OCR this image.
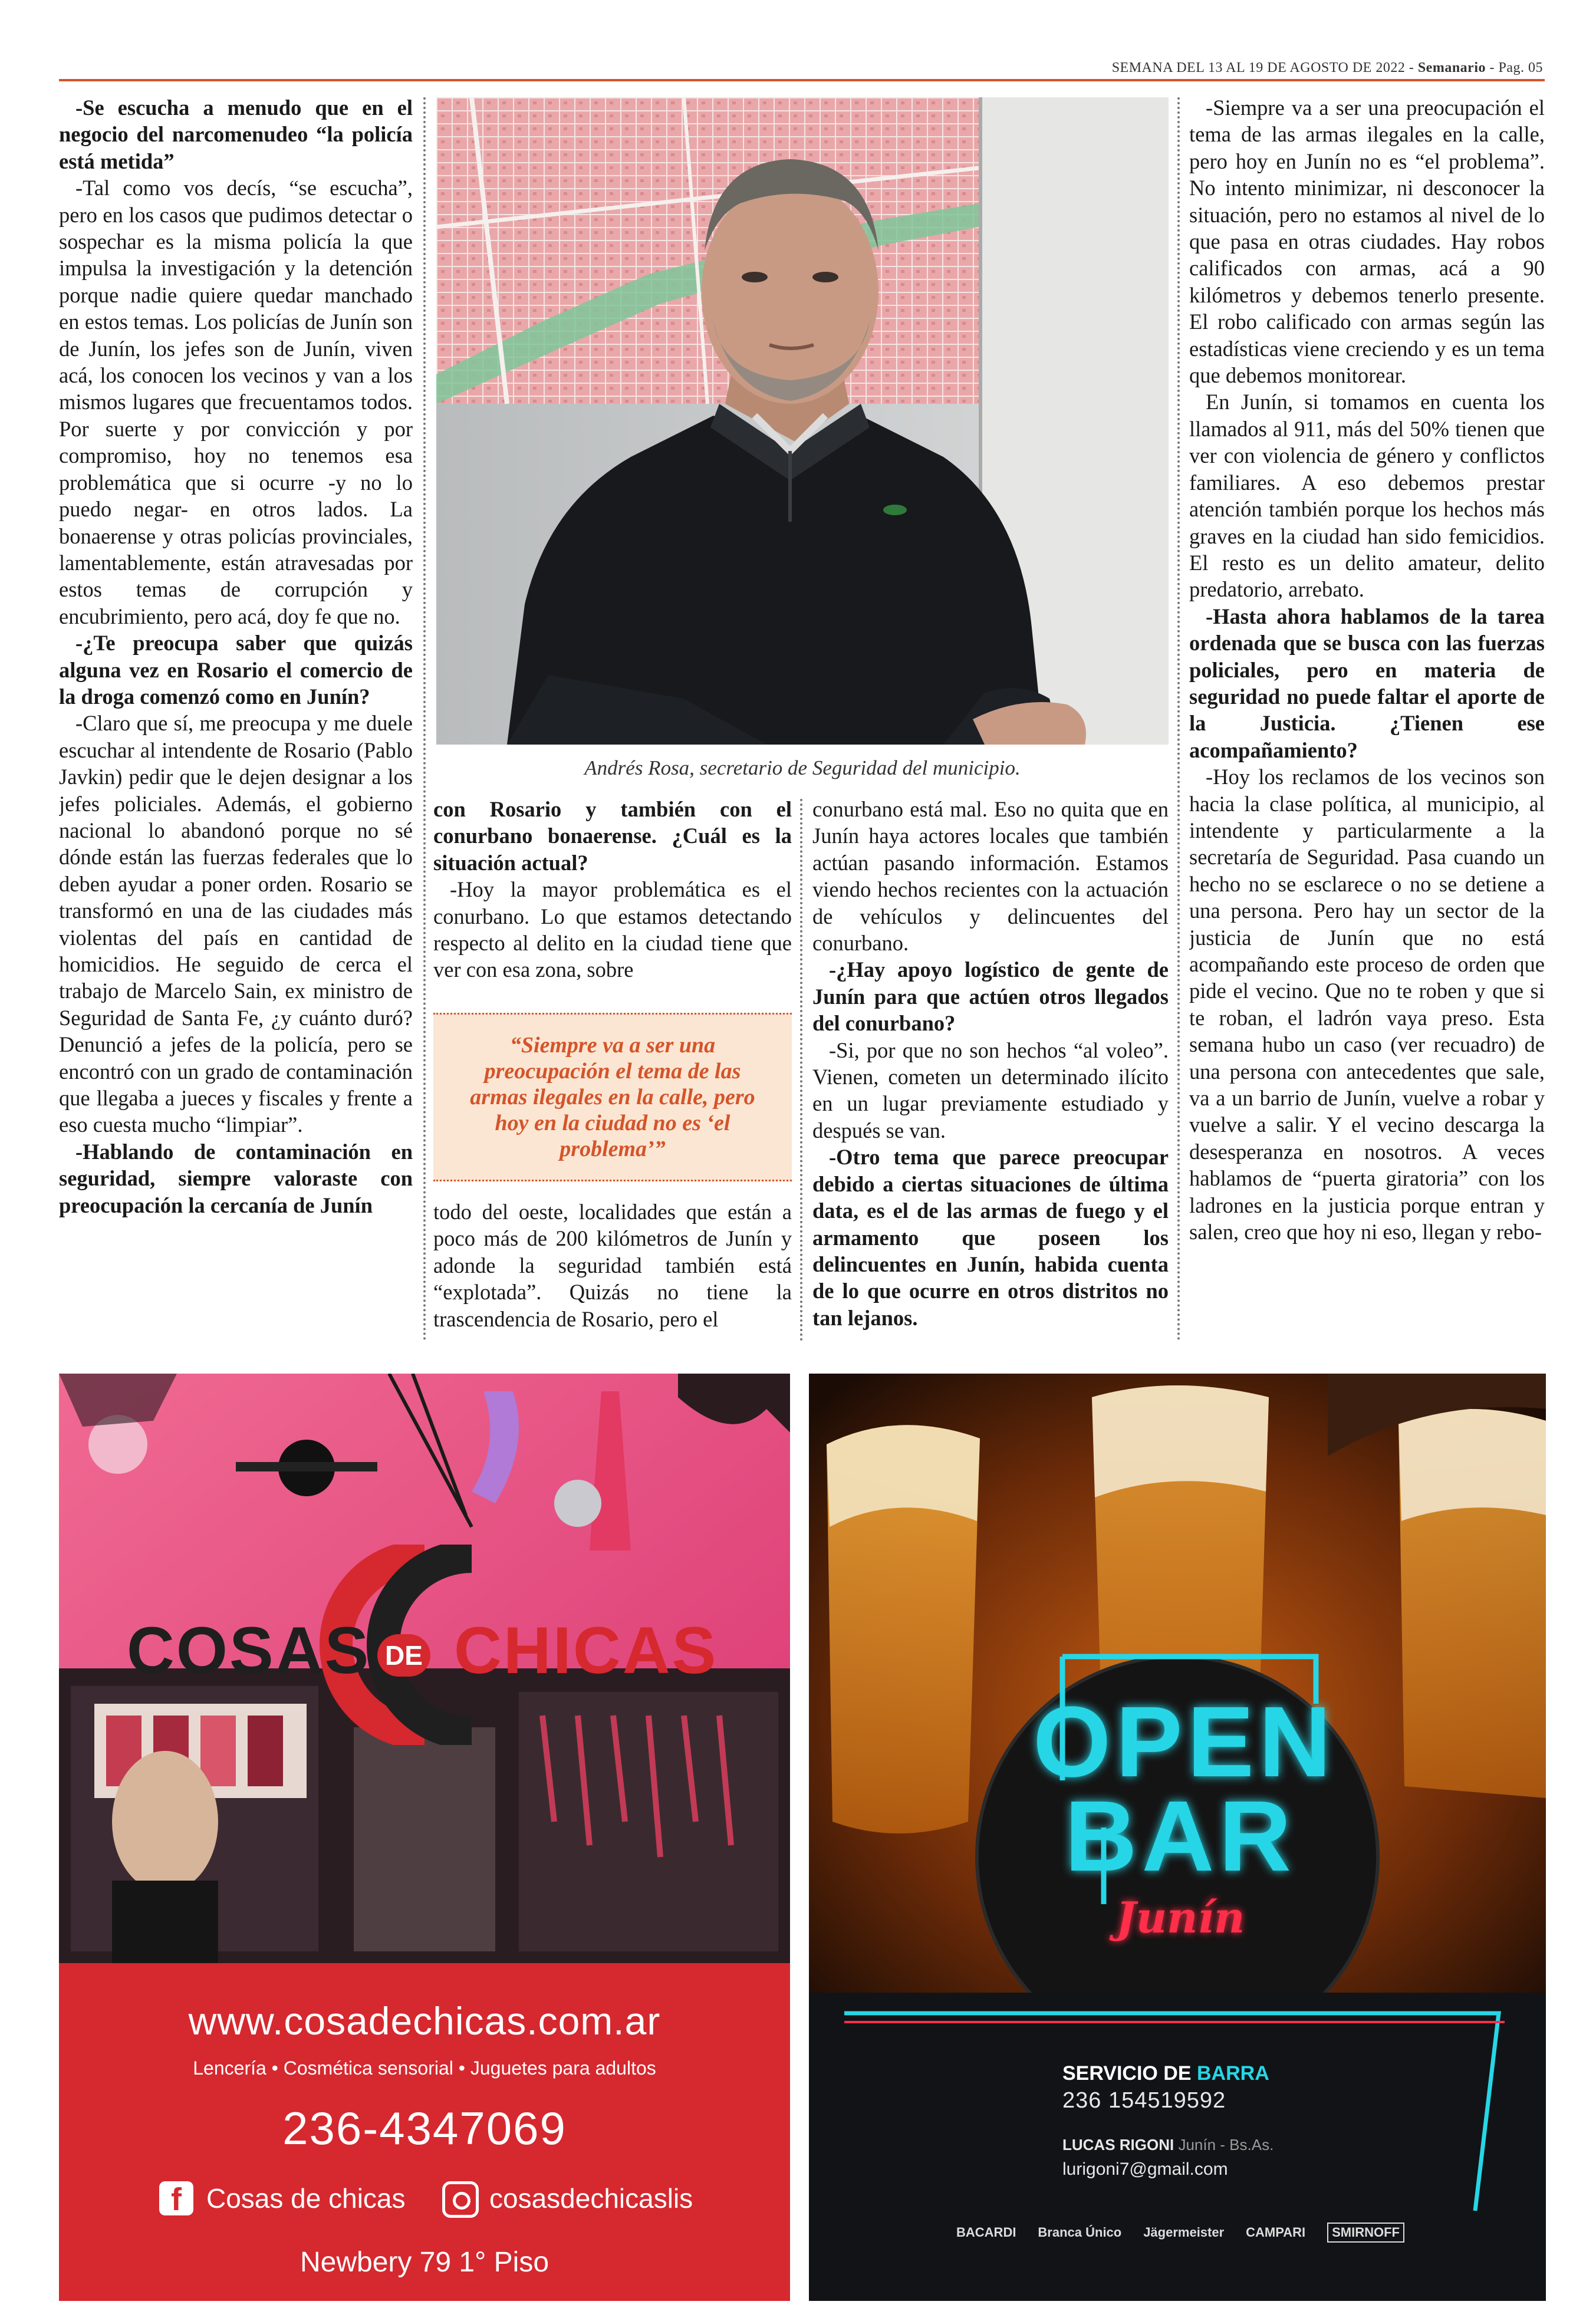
SEMANA DEL 13 AL 19 DE AGOSTO DE 2022 - Semanario - Pag. 05

-Se escucha a menudo que en el negocio del narcomenudeo “la policía está metida”

-Tal como vos decís, “se escucha”, pero en los casos que pudimos detectar o sospechar es la misma policía la que impulsa la investigación y la detención porque nadie quiere quedar manchado en estos temas. Los policías de Junín son de Junín, los jefes son de Junín, viven acá, los conocen los vecinos y van a los mismos lugares que frecuentamos todos. Por suerte y por convicción y por compromiso, hoy no tenemos esa problemática que si ocurre -y no lo puedo negar- en otros lados. La bonaerense y otras policías provinciales, lamentablemente, están atravesadas por estos temas de corrupción y encubrimiento, pero acá, doy fe que no.

-¿Te preocupa saber que quizás alguna vez en Rosario el comercio de la droga comenzó como en Junín?

-Claro que sí, me preocupa y me duele escuchar al intendente de Rosario (Pablo Javkin) pedir que le dejen designar a los jefes policiales. Además, el gobierno nacional lo abandonó porque no sé dónde están las fuerzas federales que lo deben ayudar a poner orden. Rosario se transformó en una de las ciudades más violentas del país en cantidad de homicidios. He seguido de cerca el trabajo de Marcelo Sain, ex ministro de Seguridad de Santa Fe, ¿y cuánto duró? Denunció a jefes de la policía, pero se encontró con un grado de contaminación que llegaba a jueces y fiscales y frente a eso cuesta mucho “limpiar”.

-Hablando de contaminación en seguridad, siempre valoraste con preocupación la cercanía de Junín

Andrés Rosa, secretario de Seguridad del municipio.

con Rosario y también con el conurbano bonaerense. ¿Cuál es la situación actual?

-Hoy la mayor problemática es el conurbano. Lo que estamos detectando respecto al delito en la ciudad tiene que ver con esa zona, sobre

“Siempre va a ser una preocupación el tema de las armas ilegales en la calle, pero hoy en la ciudad no es ‘el problema’”

todo del oeste, localidades que están a poco más de 200 kilómetros de Junín y adonde la seguridad también está “explotada”. Quizás no tiene la trascendencia de Rosario, pero el

conurbano está mal. Eso no quita que en Junín haya actores locales que también actúan pasando información. Estamos viendo hechos recientes con la actuación de vehículos y delincuentes del conurbano.

-¿Hay apoyo logístico de gente de Junín para que actúen otros llegados del conurbano?

-Si, por que no son hechos “al voleo”. Vienen, cometen un determinado ilícito en un lugar previamente estudiado y después se van.

-Otro tema que parece preocupar debido a ciertas situaciones de última data, es el de las armas de fuego y el armamento que poseen los delincuentes en Junín, habida cuenta de lo que ocurre en otros distritos no tan lejanos.

-Siempre va a ser una preocupación el tema de las armas ilegales en la calle, pero hoy en Junín no es “el problema”. No intento minimizar, ni desconocer la situación, pero no estamos al nivel de lo que pasa en otras ciudades. Hay robos calificados con armas, acá a 90 kilómetros y debemos tenerlo presente. El robo calificado con armas según las estadísticas viene creciendo y es un tema que debemos monitorear.

En Junín, si tomamos en cuenta los llamados al 911, más del 50% tienen que ver con violencia de género y conflictos familiares. A eso debemos prestar atención también porque los hechos más graves en la ciudad han sido femicidios. El resto es un delito amateur, delito predatorio, arrebato.

-Hasta ahora hablamos de la tarea ordenada que se busca con las fuerzas policiales, pero en materia de seguridad no puede faltar el aporte de la Justicia. ¿Tienen ese acompañamiento?

-Hoy los reclamos de los vecinos son hacia la clase política, al municipio, al intendente y particularmente a la secretaría de Seguridad. Pasa cuando un hecho no se esclarece o no se detiene a una persona. Pero hay un sector de la justicia de Junín que no está acompañando este proceso de orden que pide el vecino. Que no te roben y que si te roban, el ladrón vaya preso. Esta semana hubo un caso (ver recuadro) de una persona con antecedentes que sale, va a un barrio de Junín, vuelve a robar y vuelve a salir. Y el vecino descarga la desesperanza en nosotros. A veces hablamos de “puerta giratoria” con los ladrones en la justicia porque entran y salen, creo que hoy ni eso, llegan y rebo-

COSAS DE CHICAS
www.cosadechicas.com.ar
Lencería • Cosmética sensorial • Juguetes para adultos
236-4347069
f Cosas de chicas	cosasdechicaslis
Newbery 79 1° Piso
OPEN
BAR
Junín
SERVICIO DE BARRA
236 154519592
LUCAS RIGONI Junín - Bs.As.
lurigoni7@gmail.com
BACARDI Branca Único Jägermeister CAMPARI	SMIRNOFF
